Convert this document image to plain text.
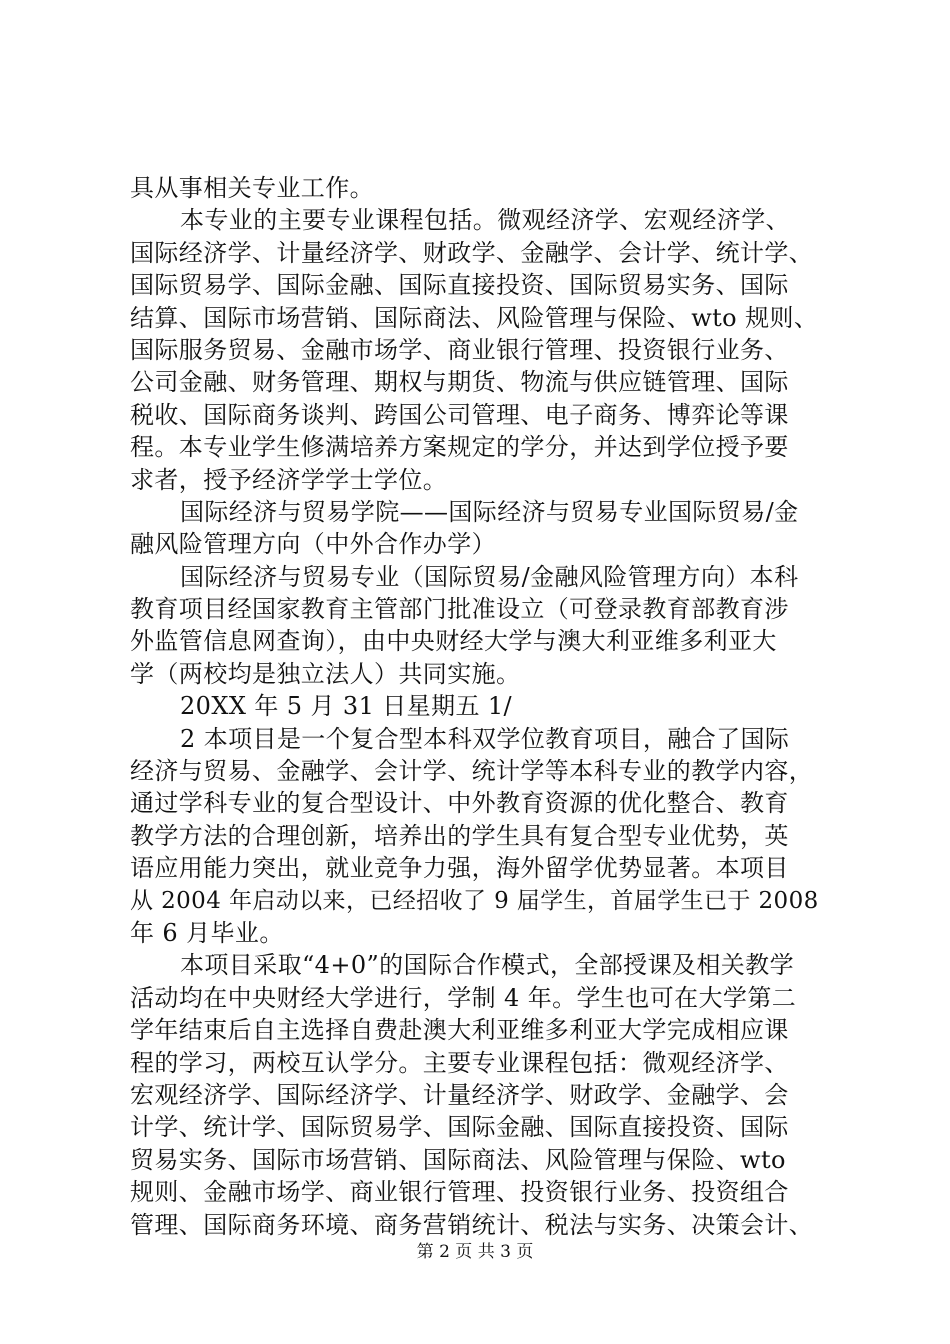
具从事相关专业工作。
本专业的主要专业课程包括。微观经济学、宏观经济学、
国际经济学、计量经济学、财政学、金融学、会计学、统计学、
国际贸易学、国际金融、国际直接投资、国际贸易实务、国际
结算、国际市场营销、国际商法、风险管理与保险、wto 规则、
国际服务贸易、金融市场学、商业银行管理、投资银行业务、
公司金融、财务管理、期权与期货、物流与供应链管理、国际
税收、国际商务谈判、跨国公司管理、电子商务、博弈论等课
程。本专业学生修满培养方案规定的学分，并达到学位授予要
求者，授予经济学学士学位。
国际经济与贸易学院——国际经济与贸易专业国际贸易/金
融风险管理方向（中外合作办学）
国际经济与贸易专业（国际贸易/金融风险管理方向）本科
教育项目经国家教育主管部门批准设立（可登录教育部教育涉
外监管信息网查询），由中央财经大学与澳大利亚维多利亚大
学（两校均是独立法人）共同实施。
20XX 年 5 月 31 日星期五 1/
2 本项目是一个复合型本科双学位教育项目，融合了国际
经济与贸易、金融学、会计学、统计学等本科专业的教学内容，
通过学科专业的复合型设计、中外教育资源的优化整合、教育
教学方法的合理创新，培养出的学生具有复合型专业优势，英
语应用能力突出，就业竞争力强，海外留学优势显著。本项目
从 2004 年启动以来，已经招收了 9 届学生，首届学生已于 2008
年 6 月毕业。
本项目采取“4+0”的国际合作模式，全部授课及相关教学
活动均在中央财经大学进行，学制 4 年。学生也可在大学第二
学年结束后自主选择自费赴澳大利亚维多利亚大学完成相应课
程的学习，两校互认学分。主要专业课程包括：微观经济学、
宏观经济学、国际经济学、计量经济学、财政学、金融学、会
计学、统计学、国际贸易学、国际金融、国际直接投资、国际
贸易实务、国际市场营销、国际商法、风险管理与保险、wto
规则、金融市场学、商业银行管理、投资银行业务、投资组合
管理、国际商务环境、商务营销统计、税法与实务、决策会计、
第 2 页 共 3 页
